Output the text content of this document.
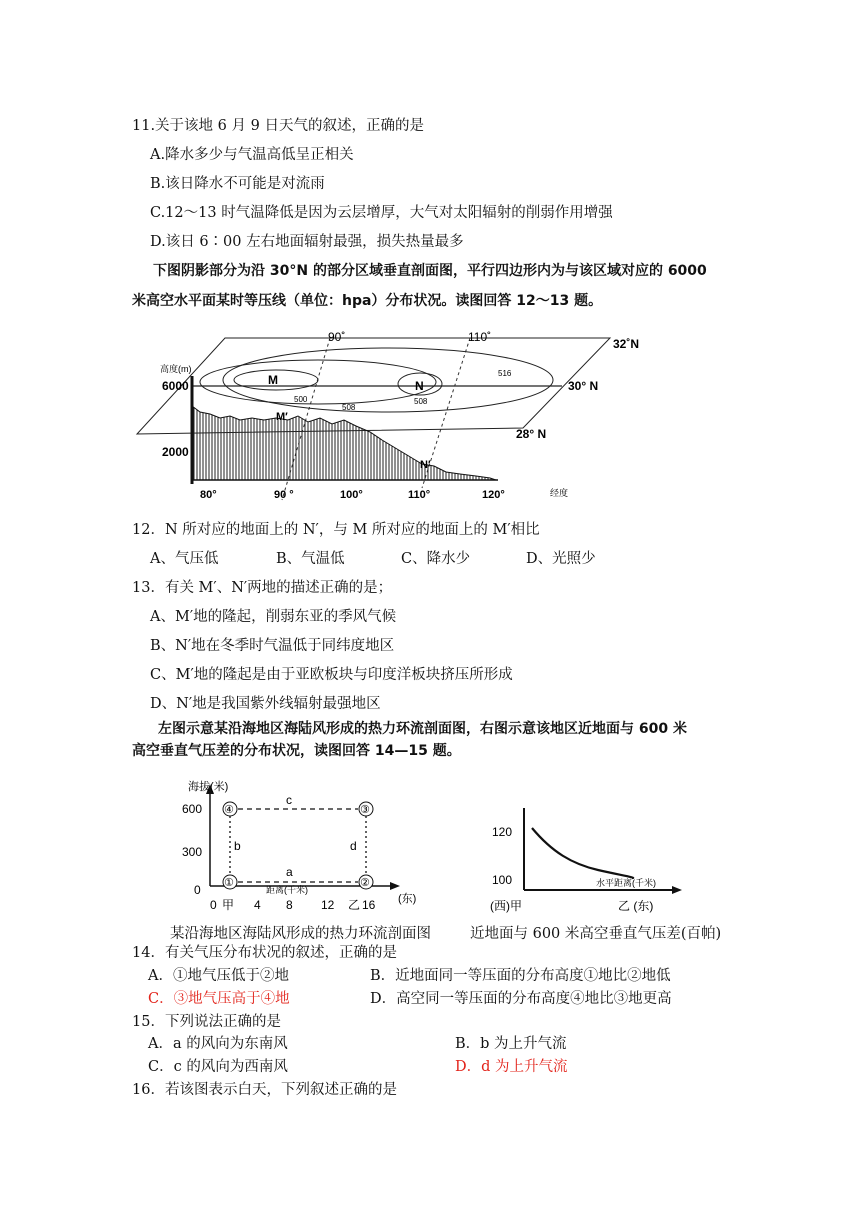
11.关于该地 6 月 9 日天气的叙述，正确的是
A.降水多少与气温高低呈正相关
B.该日降水不可能是对流雨
C.12～13 时气温降低是因为云层增厚，大气对太阳辐射的削弱作用增强
D.该日 6∶00 左右地面辐射最强，损失热量最多
下图阴影部分为沿 30°N 的部分区域垂直剖面图，平行四边形内为与该区域对应的 6000
米高空水平面某时等压线（单位：hpa）分布状况。读图回答 12～13 题。
90˚	110˚	32˚N
30° N
28° N
高度(m)
6000
2000
80°	90 °	100°	110°	120°	经度
M	N
M′
N′
500
508
508
516
12．N 所对应的地面上的 N′，与 M 所对应的地面上的 M′相比
A、气压低	B、气温低	C、降水少	D、光照少
13．有关 M′、N′两地的描述正确的是；
A、M′地的隆起，削弱东亚的季风气候
B、N′地在冬季时气温低于同纬度地区
C、M′地的隆起是由于亚欧板块与印度洋板块挤压所形成
D、N′地是我国紫外线辐射最强地区
左图示意某沿海地区海陆风形成的热力环流剖面图，右图示意该地区近地面与 600 米
高空垂直气压差的分布状况，读图回答 14—15 题。
④	③
①	②
a
b
c
d
海拔(米)
600
300
0
0 甲 4 8 12 乙 16
距离(千米)
(东)
120
100	水平距离(千米)
(西)甲	乙 (东)
某沿海地区海陆风形成的热力环流剖面图	近地面与 600 米高空垂直气压差(百帕)
14．有关气压分布状况的叙述，正确的是
A．①地气压低于②地	B．近地面同一等压面的分布高度①地比②地低
C．③地气压高于④地	D．高空同一等压面的分布高度④地比③地更高
15．下列说法正确的是
A．a 的风向为东南风	B．b 为上升气流
C．c 的风向为西南风	D．d 为上升气流
16．若该图表示白天，下列叙述正确的是
